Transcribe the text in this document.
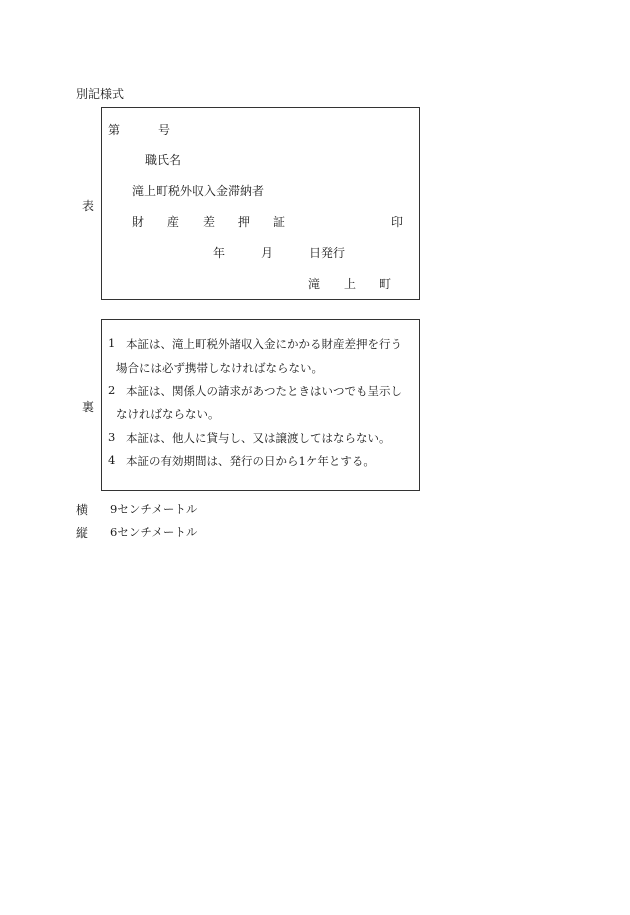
別記様式
表
第	号
職氏名
滝上町税外収入金滞納者
財 産 差 押 証	印
年	月	日発行
滝 上 町
裏
1 本証は、滝上町税外諸収入金にかかる財産差押を行う
場合には必ず携帯しなければならない。
2 本証は、関係人の請求があつたときはいつでも呈示し
なければならない。
3 本証は、他人に貸与し、又は譲渡してはならない。
4 本証の有効期間は、発行の日から1ケ年とする。
横 9センチメートル
縦 6センチメートル
